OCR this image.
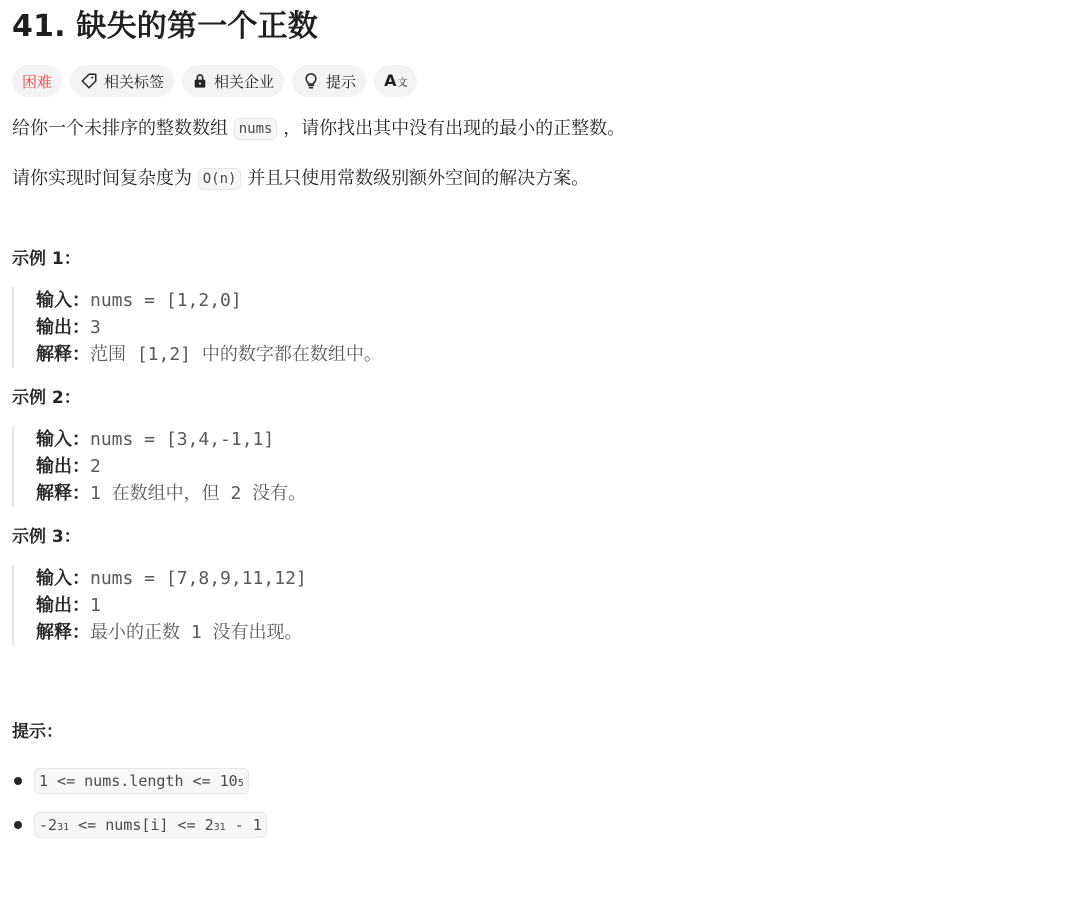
41. 缺失的第一个正数
困难	相关标签	相关企业	提示 A 文

给你一个未排序的整数数组 nums ，请你找出其中没有出现的最小的正整数。

请你实现时间复杂度为 O(n) 并且只使用常数级别额外空间的解决方案。

示例 1：
输入：nums = [1,2,0]
输出：3
解释：范围 [1,2] 中的数字都在数组中。
示例 2：
输入：nums = [3,4,-1,1]
输出：2
解释：1 在数组中，但 2 没有。
示例 3：
输入：nums = [7,8,9,11,12]
输出：1
解释：最小的正数 1 没有出现。
提示：
1 <= nums.length <= 10 5
-2 31 <= nums[i] <= 2 31 - 1
